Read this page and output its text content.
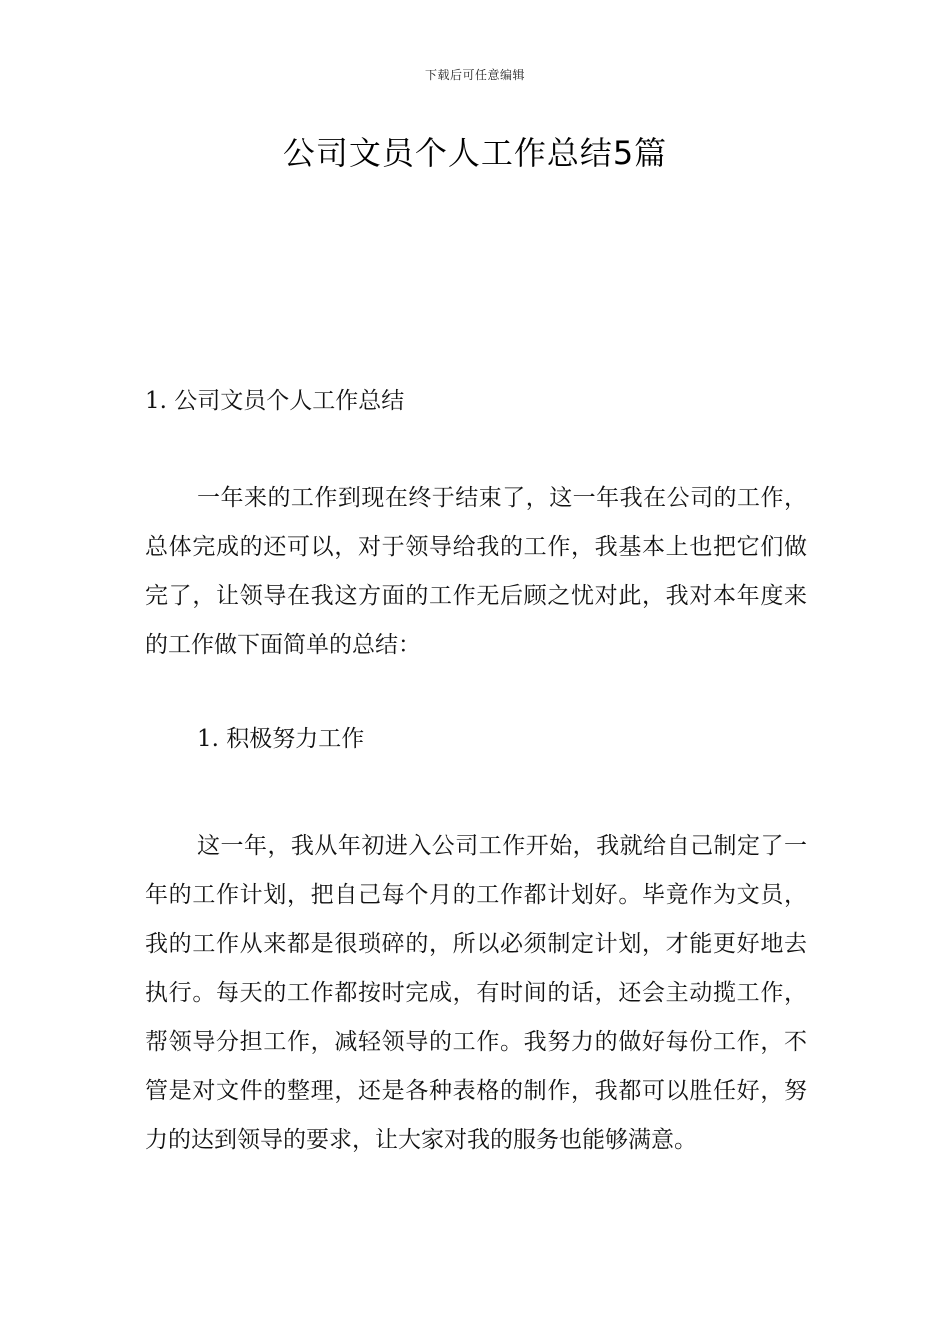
下载后可任意编辑
公司文员个人工作总结5篇
1. 公司文员个人工作总结

一年来的工作到现在终于结束了，这一年我在公司的工作，总体完成的还可以，对于领导给我的工作，我基本上也把它们做完了，让领导在我这方面的工作无后顾之忧对此，我对本年度来的工作做下面简单的总结：

1. 积极努力工作

这一年，我从年初进入公司工作开始，我就给自己制定了一年的工作计划，把自己每个月的工作都计划好。毕竟作为文员，我的工作从来都是很琐碎的，所以必须制定计划，才能更好地去执行。每天的工作都按时完成，有时间的话，还会主动揽工作，帮领导分担工作，减轻领导的工作。我努力的做好每份工作，不管是对文件的整理，还是各种表格的制作，我都可以胜任好，努力的达到领导的要求，让大家对我的服务也能够满意。
